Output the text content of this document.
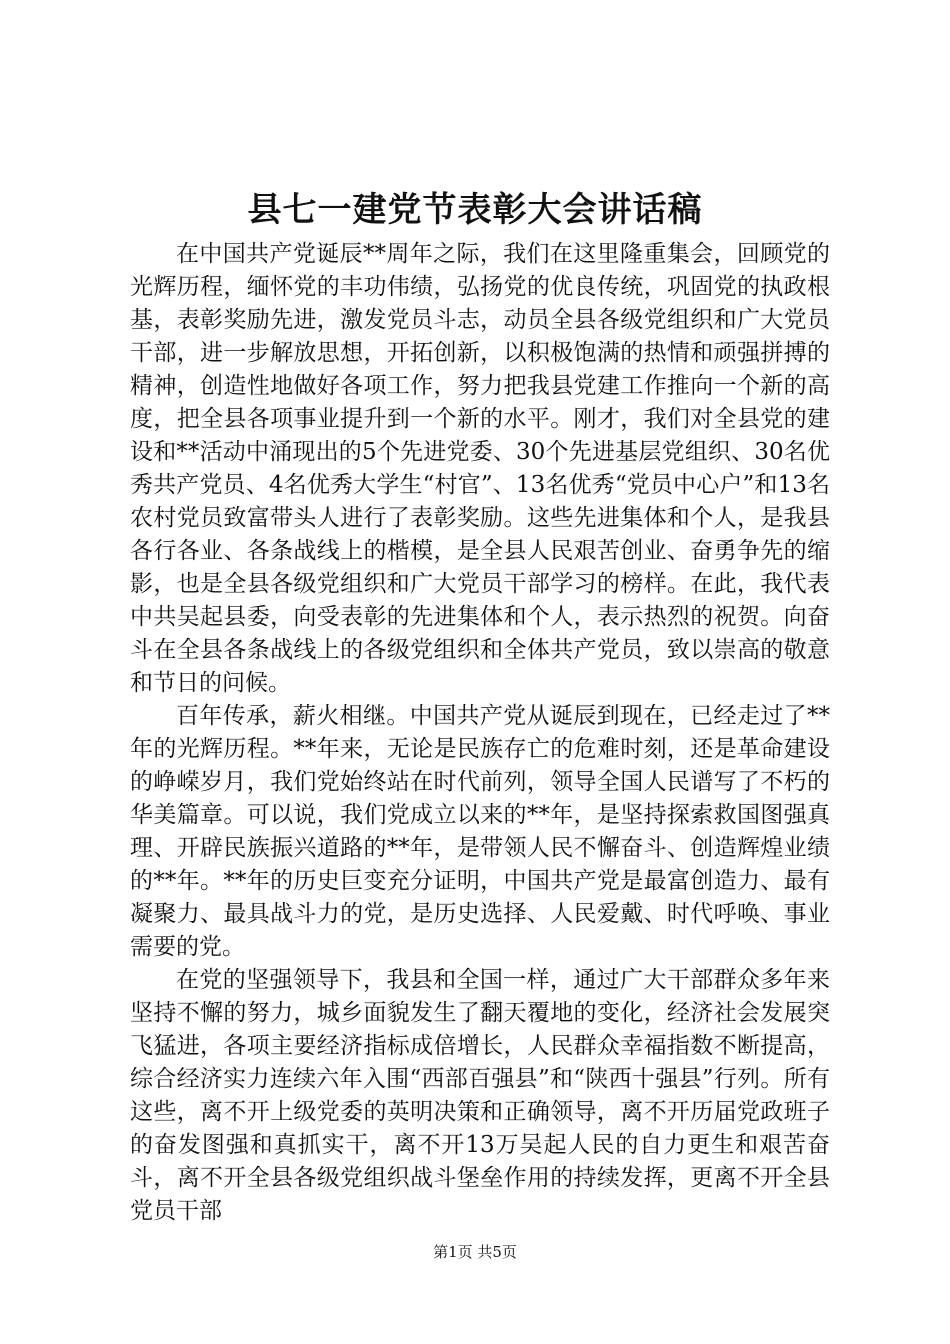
县七一建党节表彰大会讲话稿

在中国共产党诞辰**周年之际，我们在这里隆重集会，回顾党的光辉历程，缅怀党的丰功伟绩，弘扬党的优良传统，巩固党的执政根基，表彰奖励先进，激发党员斗志，动员全县各级党组织和广大党员干部，进一步解放思想，开拓创新，以积极饱满的热情和顽强拼搏的精神，创造性地做好各项工作，努力把我县党建工作推向一个新的高度，把全县各项事业提升到一个新的水平。刚才，我们对全县党的建设和**活动中涌现出的5个先进党委、30个先进基层党组织、30名优秀共产党员、4名优秀大学生“村官”、13名优秀“党员中心户”和13名农村党员致富带头人进行了表彰奖励。这些先进集体和个人，是我县各行各业、各条战线上的楷模，是全县人民艰苦创业、奋勇争先的缩影，也是全县各级党组织和广大党员干部学习的榜样。在此，我代表中共吴起县委，向受表彰的先进集体和个人，表示热烈的祝贺。向奋斗在全县各条战线上的各级党组织和全体共产党员，致以崇高的敬意和节日的问候。

百年传承，薪火相继。中国共产党从诞辰到现在，已经走过了**年的光辉历程。**年来，无论是民族存亡的危难时刻，还是革命建设的峥嵘岁月，我们党始终站在时代前列，领导全国人民谱写了不朽的华美篇章。可以说，我们党成立以来的**年，是坚持探索救国图强真理、开辟民族振兴道路的**年，是带领人民不懈奋斗、创造辉煌业绩的**年。**年的历史巨变充分证明，中国共产党是最富创造力、最有凝聚力、最具战斗力的党，是历史选择、人民爱戴、时代呼唤、事业需要的党。

在党的坚强领导下，我县和全国一样，通过广大干部群众多年来坚持不懈的努力，城乡面貌发生了翻天覆地的变化，经济社会发展突飞猛进，各项主要经济指标成倍增长，人民群众幸福指数不断提高，综合经济实力连续六年入围“西部百强县”和“陕西十强县”行列。所有这些，离不开上级党委的英明决策和正确领导，离不开历届党政班子的奋发图强和真抓实干，离不开13万吴起人民的自力更生和艰苦奋斗，离不开全县各级党组织战斗堡垒作用的持续发挥，更离不开全县党员干部

第1页 共5页
